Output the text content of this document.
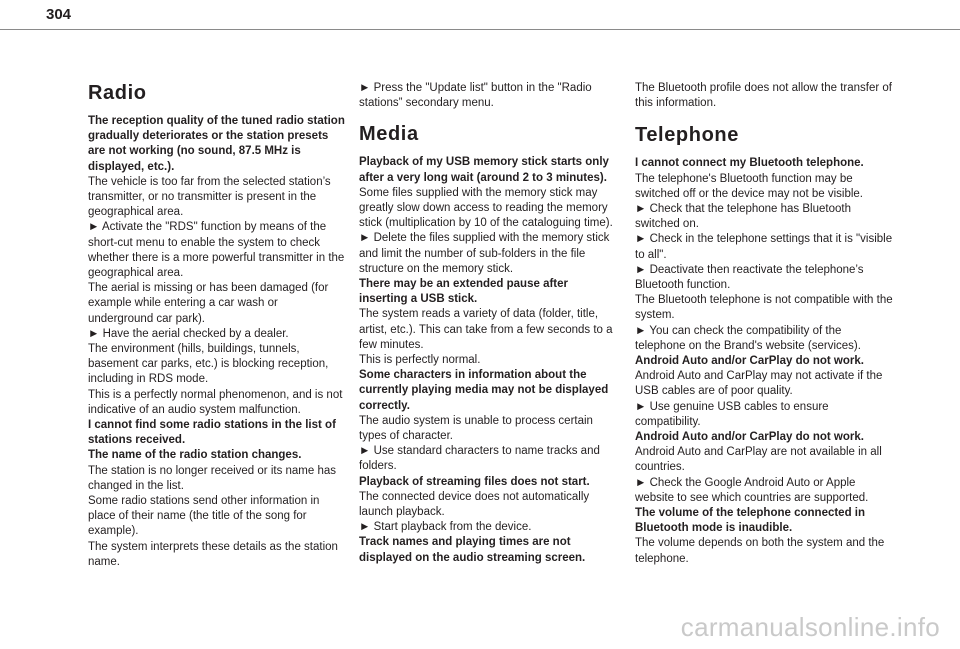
304
Radio

The reception quality of the tuned radio station gradually deteriorates or the station presets are not working (no sound, 87.5 MHz is displayed, etc.).

The vehicle is too far from the selected station’s transmitter, or no transmitter is present in the geographical area.

► Activate the "RDS" function by means of the short-cut menu to enable the system to check whether there is a more powerful transmitter in the geographical area.

The aerial is missing or has been damaged (for example while entering a car wash or underground car park).

► Have the aerial checked by a dealer.

The environment (hills, buildings, tunnels, basement car parks, etc.) is blocking reception, including in RDS mode.

This is a perfectly normal phenomenon, and is not indicative of an audio system malfunction.

I cannot find some radio stations in the list of stations received.

The name of the radio station changes.

The station is no longer received or its name has changed in the list.

Some radio stations send other information in place of their name (the title of the song for example).

The system interprets these details as the station name.

► Press the "Update list" button in the "Radio stations” secondary menu.

Media

Playback of my USB memory stick starts only after a very long wait (around 2 to 3 minutes).

Some files supplied with the memory stick may greatly slow down access to reading the memory stick (multiplication by 10 of the cataloguing time).

► Delete the files supplied with the memory stick and limit the number of sub-folders in the file structure on the memory stick.

There may be an extended pause after inserting a USB stick.

The system reads a variety of data (folder, title, artist, etc.). This can take from a few seconds to a few minutes.

This is perfectly normal.

Some characters in information about the currently playing media may not be displayed correctly.

The audio system is unable to process certain types of character.

► Use standard characters to name tracks and folders.

Playback of streaming files does not start.

The connected device does not automatically launch playback.

► Start playback from the device.

Track names and playing times are not displayed on the audio streaming screen.

The Bluetooth profile does not allow the transfer of this information.

Telephone

I cannot connect my Bluetooth telephone.

The telephone's Bluetooth function may be switched off or the device may not be visible.

► Check that the telephone has Bluetooth switched on.

► Check in the telephone settings that it is "visible to all".

► Deactivate then reactivate the telephone’s Bluetooth function.

The Bluetooth telephone is not compatible with the system.

► You can check the compatibility of the telephone on the Brand's website (services).

Android Auto and/or CarPlay do not work.

Android Auto and CarPlay may not activate if the USB cables are of poor quality.

► Use genuine USB cables to ensure compatibility.

Android Auto and/or CarPlay do not work.

Android Auto and CarPlay are not available in all countries.

► Check the Google Android Auto or Apple website to see which countries are supported.

The volume of the telephone connected in Bluetooth mode is inaudible.

The volume depends on both the system and the telephone.

carmanualsonline.info
